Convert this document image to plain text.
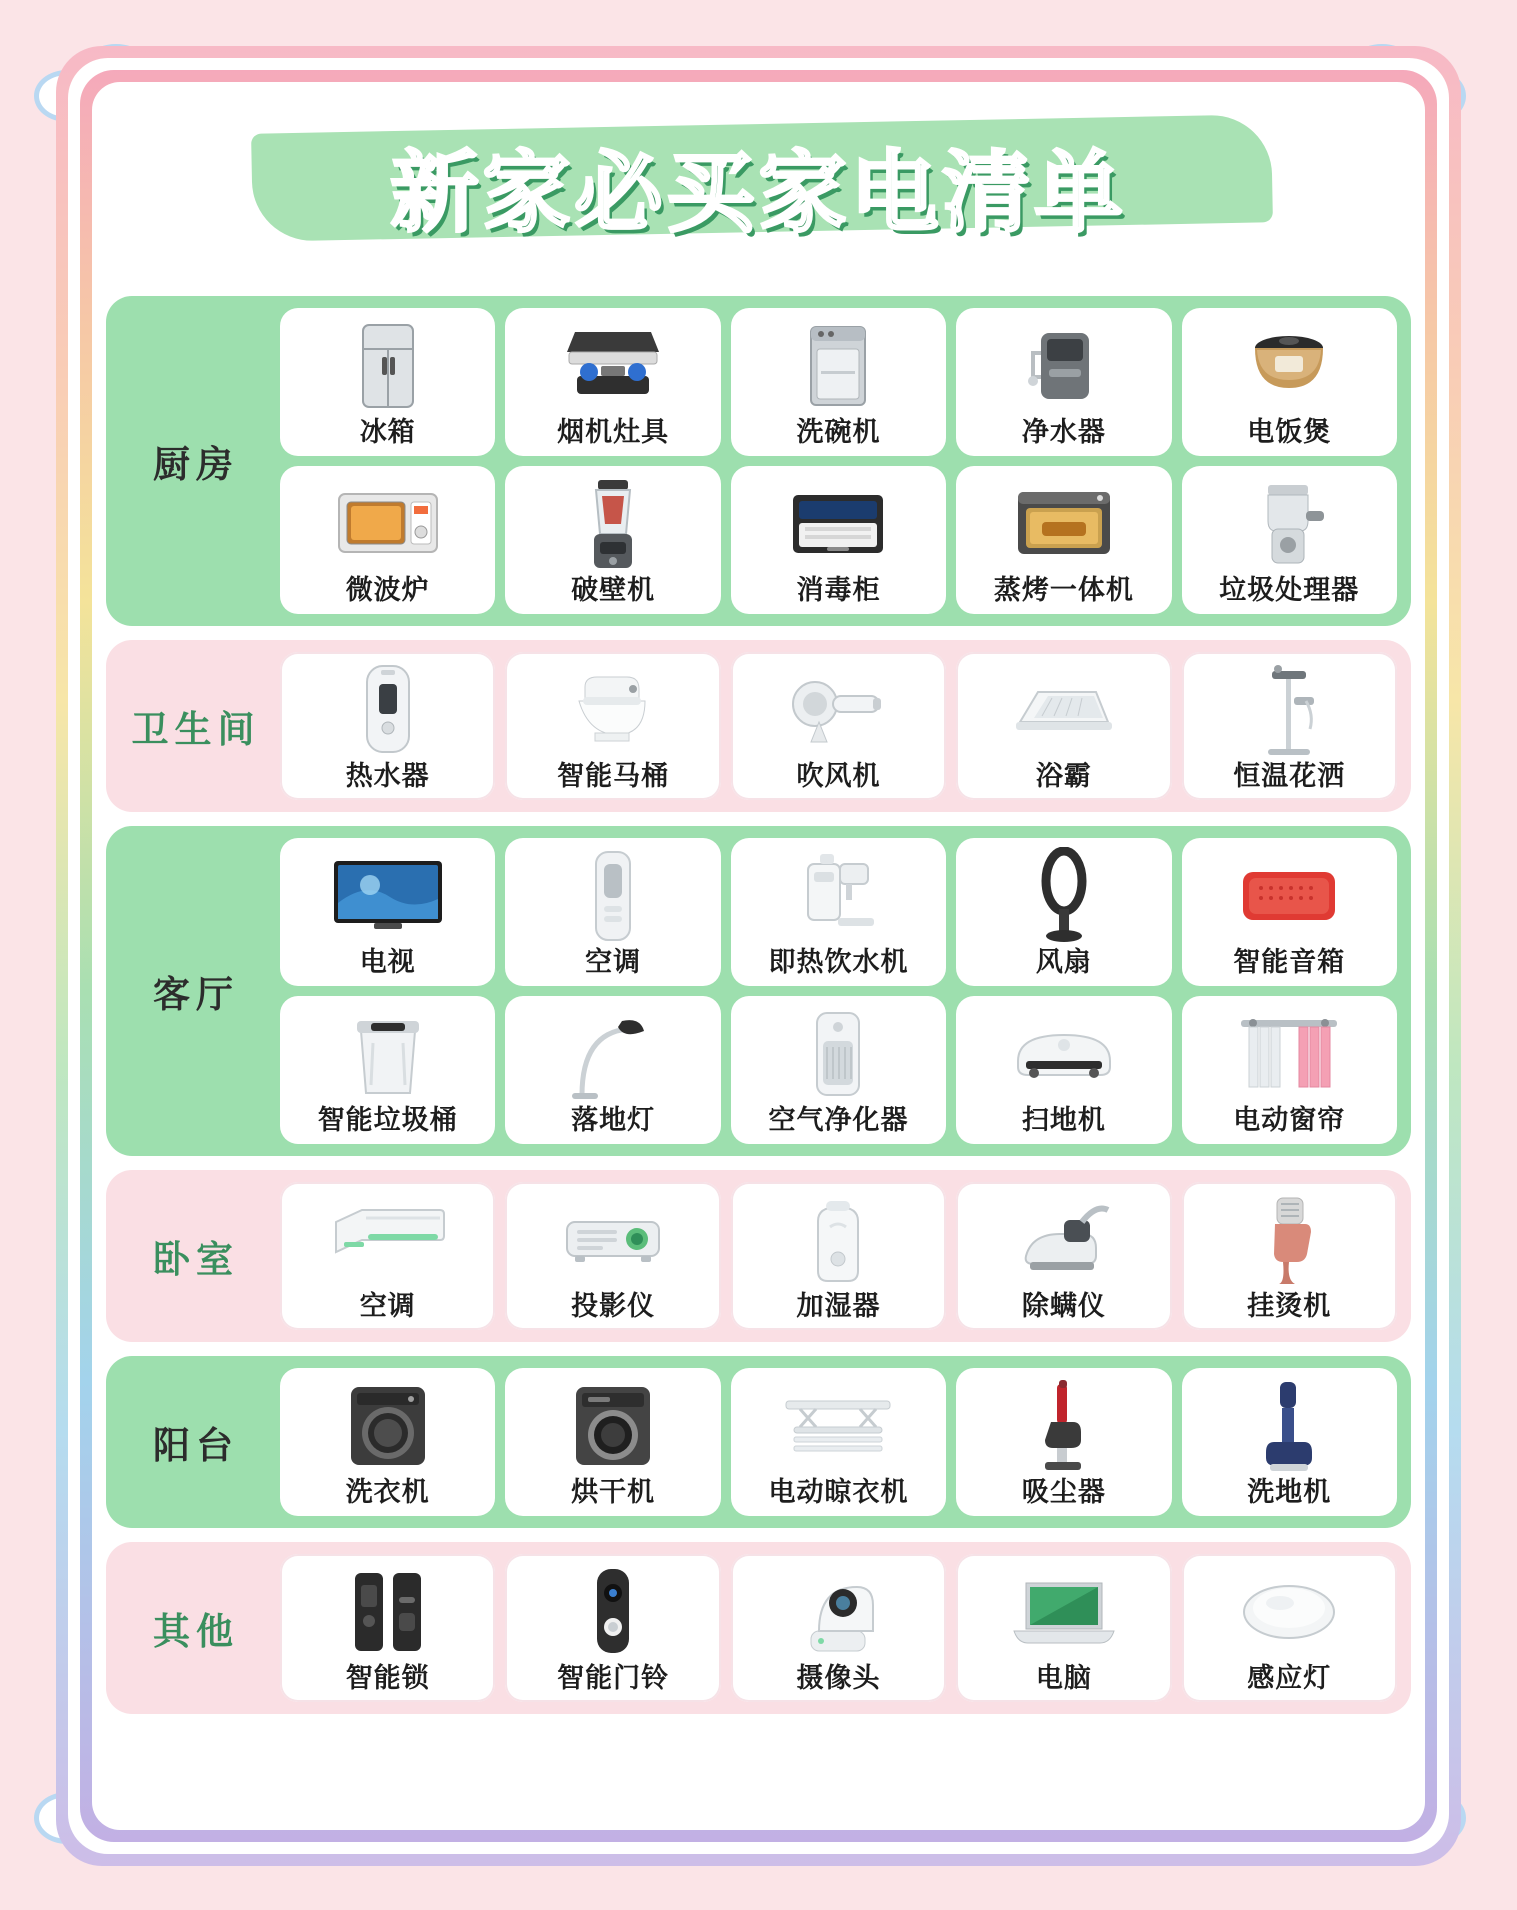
新家必买家电清单
厨房
冰箱	烟机灶具	洗碗机	净水器	电饭煲
微波炉	破壁机	消毒柜	蒸烤一体机	垃圾处理器
卫生间
热水器	智能马桶	吹风机	浴霸	恒温花洒
客厅
电视	空调	即热饮水机	风扇	智能音箱
智能垃圾桶	落地灯	空气净化器	扫地机	电动窗帘
卧室
空调	投影仪	加湿器	除螨仪	挂烫机
阳台
洗衣机	烘干机	电动晾衣机	吸尘器	洗地机
其他
智能锁	智能门铃	摄像头	电脑	感应灯
